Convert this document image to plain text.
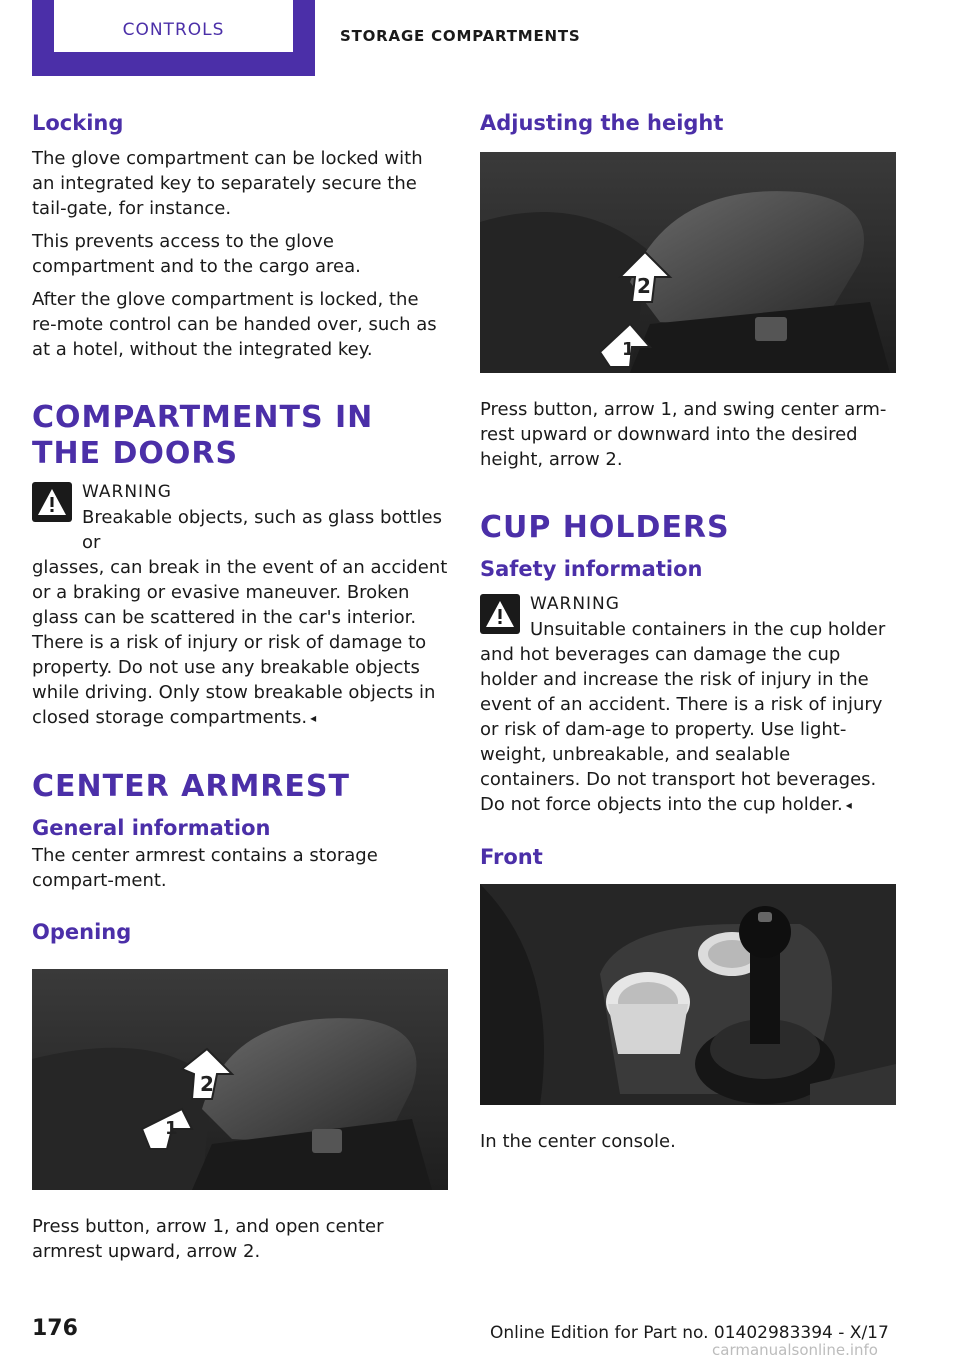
CONTROLS	STORAGE COMPARTMENTS
Locking

The glove compartment can be locked with an integrated key to separately secure the tail‐gate, for instance.

This prevents access to the glove compartment and to the cargo area.

After the glove compartment is locked, the re‐mote control can be handed over, such as at a hotel, without the integrated key.

COMPARTMENTS IN THE DOORS
WARNING

Breakable objects, such as glass bottles or

glasses, can break in the event of an accident or a braking or evasive maneuver. Broken glass can be scattered in the car's interior. There is a risk of injury or risk of damage to property. Do not use any breakable objects while driving. Only stow breakable objects in closed storage compartments. ◂

CENTER ARMREST
General information

The center armrest contains a storage compart‐ment.

Opening
2
1

Press button, arrow 1, and open center armrest upward, arrow 2.

Adjusting the height
2
1

Press button, arrow 1, and swing center arm‐rest upward or downward into the desired height, arrow 2.

CUP HOLDERS
Safety information
WARNING

Unsuitable containers in the cup holder

and hot beverages can damage the cup holder and increase the risk of injury in the event of an accident. There is a risk of injury or risk of dam‐age to property. Use light-weight, unbreakable, and sealable containers. Do not transport hot beverages. Do not force objects into the cup holder. ◂

Front

In the center console.

176	Online Edition for Part no. 01402983394 - X/17
carmanualsonline.info
